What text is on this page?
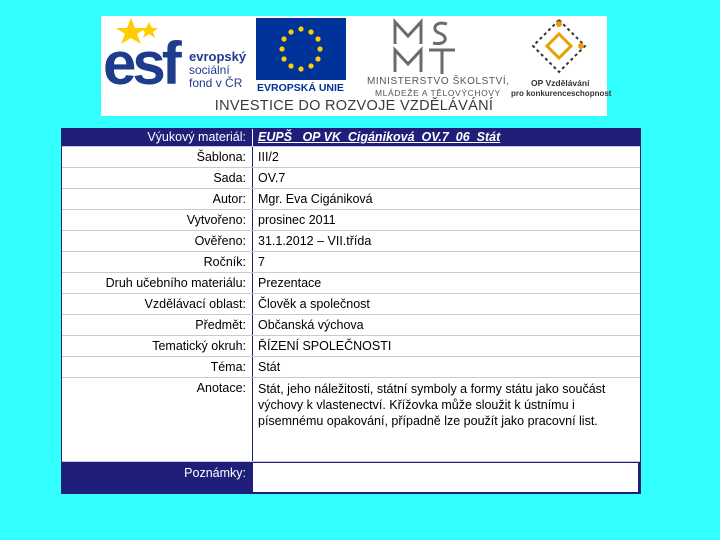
esf evropský
sociální
fond v ČR EVROPSKÁ UNIE
MINISTERSTVO ŠKOLSTVÍ,
MLÁDEŽE A TĚLOVÝCHOVY
OP Vzdělávání
pro konkurenceschopnost
INVESTICE DO ROZVOJE VZDĚLÁVÁNÍ
Výukový materiál: EUPŠ _OP VK_Cigániková_OV.7_06_Stát
Šablona: III/2
Sada: OV.7
Autor: Mgr. Eva Cigániková
Vytvořeno: prosinec 2011
Ověřeno: 31.1.2012 – VII.třída
Ročník: 7
Druh učebního materiálu: Prezentace
Vzdělávací oblast: Člověk a společnost
Předmět: Občanská výchova
Tematický okruh: ŘÍZENÍ SPOLEČNOSTI
Téma: Stát
Anotace: Stát, jeho náležitosti, státní symboly a formy státu jako součást výchovy k vlastenectví. Křížovka může sloužit k ústnímu i písemnému opakování, případně lze použít jako pracovní list.
Poznámky:
